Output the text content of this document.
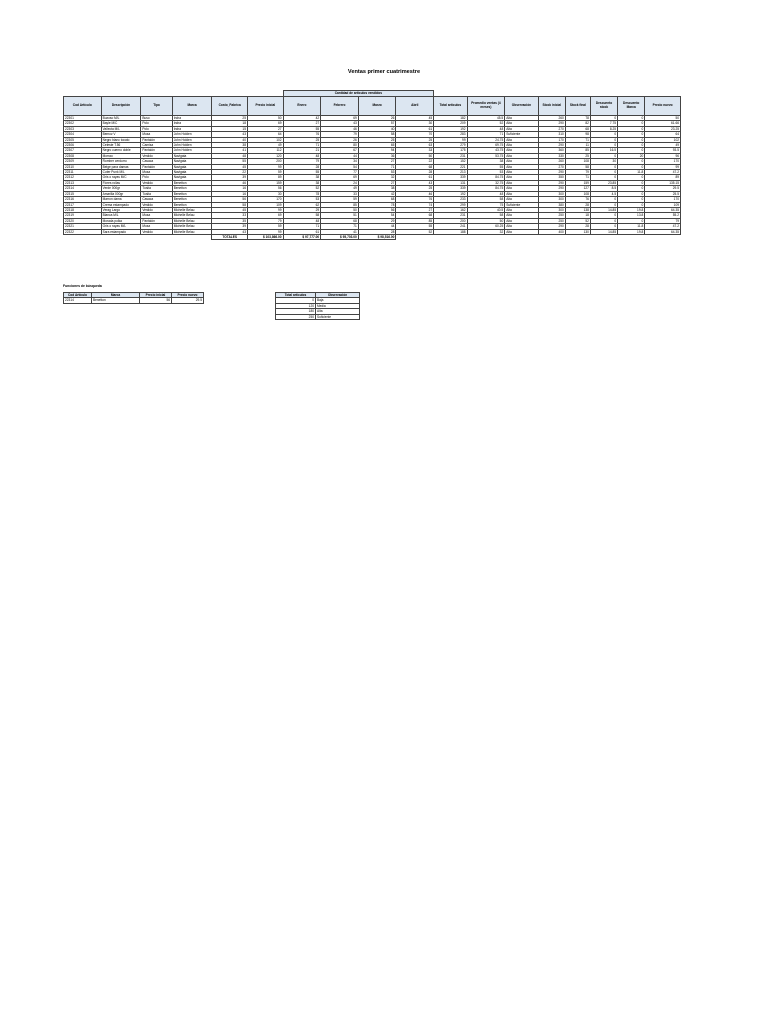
Ventas primer cuatrimestre
						Cantidad de artículos vendidos											
Cod Artículo	Descripción	Tipo	Marca	Costo_Fabrica	Precio inicial	Enero	Febrero	Marzo	Abril	Total artículos	Promedio ventas (4 meses)	Observación	Stock inicial	Stock final	Descuento stock	Descuento Marca	Precio nuevo
22301	Buzoso M/L	Buso	Indra	25	50	42	69	26	45	182	45.5	Alta	260	78	0	0	50
22302	Bayle M/C	Polo	Indra	18	69	27	43	57	30	209	52	Alta	290	82	7.75	0	61.66
22303	Vallecta M/L	Polo	Indra	15	27	55	46	40	61	192	48	Alta	270	68	8.25	0	23.25
22304	Bemoz V	Musa	John Holden	43	64	76	79	58	70	283	71	Suficiente	310	98	0	0	64
22305	Negro blanc tocato	Pantalón	John Holden	40	102	25	26	25	25	99	24.75	Alta	170	71	0	0	102
22306	Celeste T.56	Camisa	John Holden	38	49	71	80	65	63	279	69.75	Alta	290	11	0	0	49
22307	Negro cuerno doble	Pantalón	John Holden	41	112	21	67	94	33	175	43.75	Alta	360	85	16.5	0	93.5
22308	Morrao	Vestido	Navigata	48	120	48	44	36	50	231	53.75	Alta	330	25	0	20	96
22309	Romber cerdurro	Casaca	Navigata	55	200	79	34	27	22	152	38	Alta	260	108	30	0	170
22310	Beige para damas	Pantalón	Navigata	45	99	28	54	71	68	221	55	Alta	270	58	0	0	99
22311	Cuter Punk M/L	Musa	Navigata	22	59	55	77	53	28	213	53	Alta	290	79	0	11.8	47.2
22312	Gris o rayas M/C	Polo	Navigata	39	89	38	69	32	61	339	84.75	Alta	350	71	0	0	89
22313	Flores rollas	Vestido	Benetton	46	159	38	24	27	43	131	32.75	Alta	290	159	23.85	0	135.15
22314	Verde 000gr	Tusita	Benetton	16	56	52	49	38	25	339	84.75	Alta	290	127	8.5	0	29.5
22315	Amarilla 000gr	Tusita	Benetton	16	30	78	33	42	46	192	48	Alta	300	108	4.5	0	25.5
22316	Marron dama	Casaca	Benetton	56	170	53	59	68	76	233	58	Alta	300	76	0	0	170
22317	Crema estampado	Vestido	Benetton	58	109	62	85	78	74	299	75	Suficiente	380	28	0	0	109
22318	Verag Largo	Vestido	Michelle Belau	45	99	29	50	56	27	162	40.5	Alta	300	138	14.85	19.8	64.35
22319	Blanca M/L	Musa	Michelle Belau	33	69	58	51	54	68	231	58	Alta	250	18	0	13.8	55.2
22320	Morada polka	Pantalón	Michelle Belau	35	79	48	68	29	85	200	50	Alta	250	52	0	0	79
22321	Gris o rayas M/L	Musa	Michelle Belau	39	59	71	71	44	55	241	60.25	Alta	290	28	0	11.8	47.2
22322	Sara estampado	Vestido	Michelle Belau	43	99	61	41	28	52	188	32	Alta	400	130	14.85	19.8	64.35
				TOTALES	$ 103,866.00	$ 97,777.00	$ 95,703.00	$ 98,516.00									
Funciones de búsqueda
Cod Artículo	Marca	Precio inicial	Precio nuevo
22314	Benetton	56	29.5
Total artículos	Observación
0	Baja
120	Media
180	Alta
250	Suficiente
